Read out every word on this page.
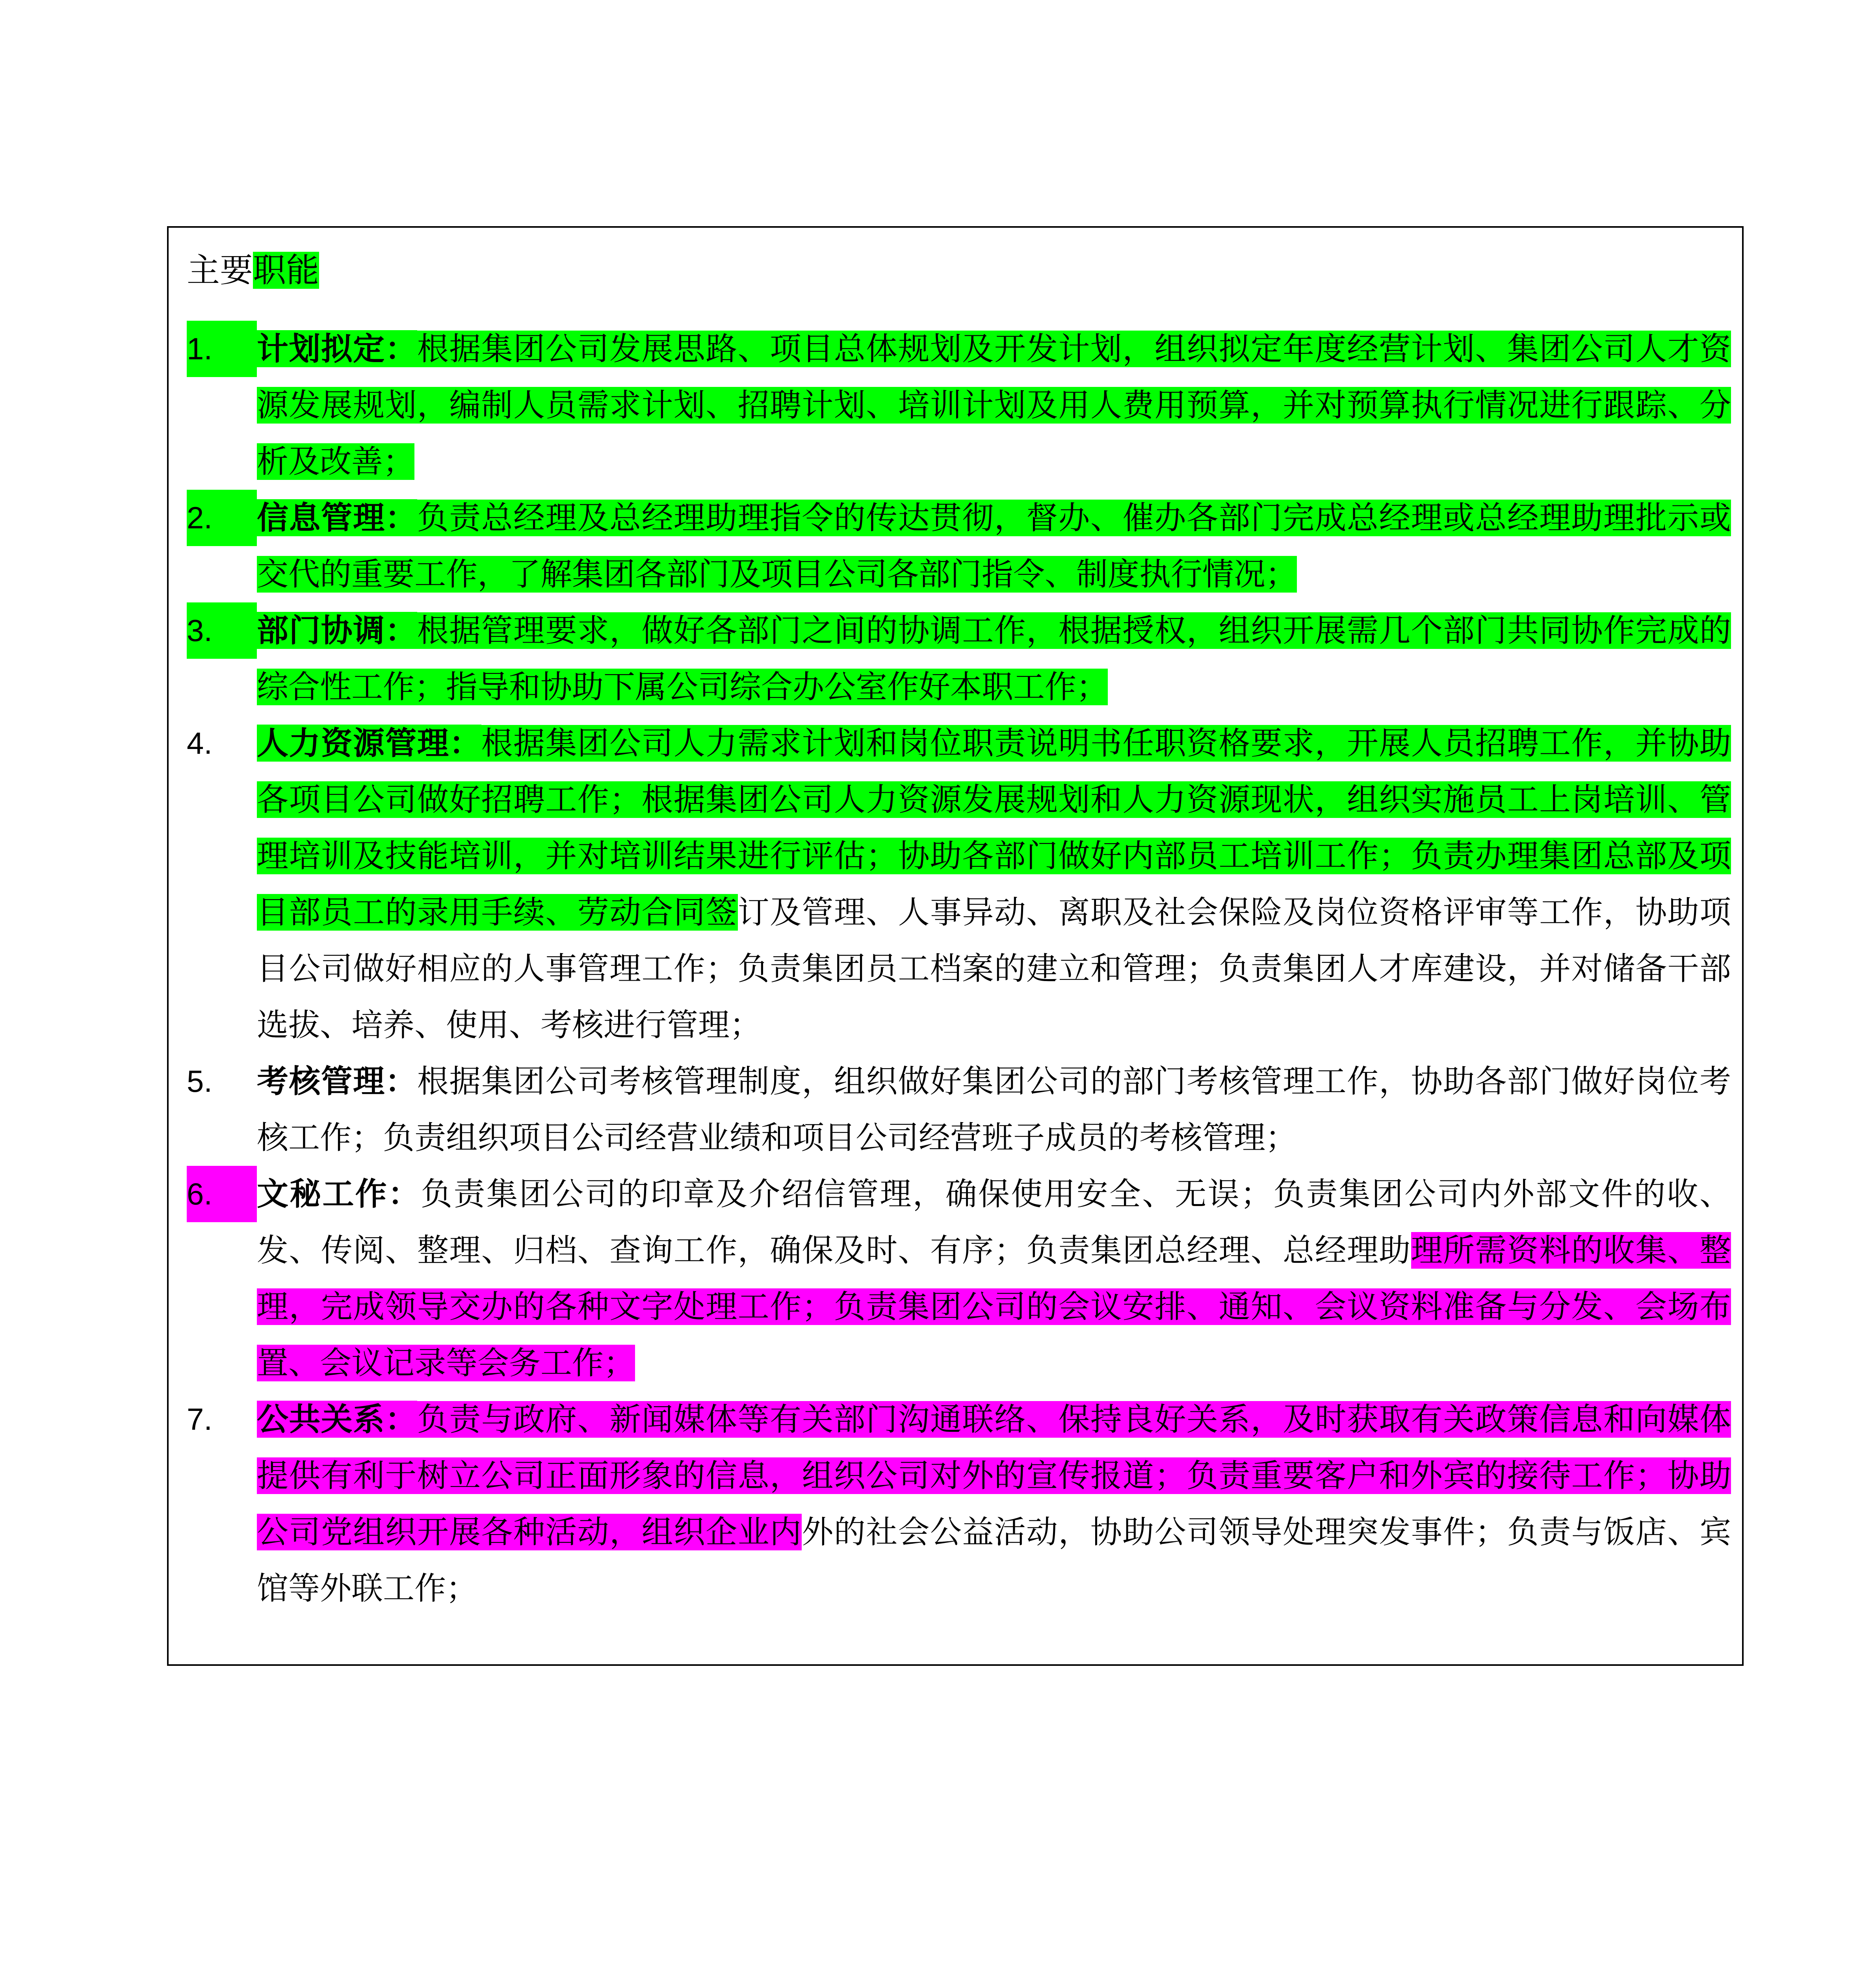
主要职能
1.	计划拟定：根据集团公司发展思路、项目总体规划及开发计划，组织拟定年度经营计划、集团公司人才资源发展规划，编制人员需求计划、招聘计划、培训计划及用人费用预算，并对预算执行情况进行跟踪、分析及改善；
2.	信息管理：负责总经理及总经理助理指令的传达贯彻，督办、催办各部门完成总经理或总经理助理批示或交代的重要工作，了解集团各部门及项目公司各部门指令、制度执行情况；
3.	部门协调：根据管理要求，做好各部门之间的协调工作，根据授权，组织开展需几个部门共同协作完成的综合性工作；指导和协助下属公司综合办公室作好本职工作；
4.	人力资源管理：根据集团公司人力需求计划和岗位职责说明书任职资格要求，开展人员招聘工作，并协助各项目公司做好招聘工作；根据集团公司人力资源发展规划和人力资源现状，组织实施员工上岗培训、管理培训及技能培训，并对培训结果进行评估；协助各部门做好内部员工培训工作；负责办理集团总部及项目部员工的录用手续、劳动合同签订及管理、人事异动、离职及社会保险及岗位资格评审等工作，协助项目公司做好相应的人事管理工作；负责集团员工档案的建立和管理；负责集团人才库建设，并对储备干部选拔、培养、使用、考核进行管理；
5.	考核管理：根据集团公司考核管理制度，组织做好集团公司的部门考核管理工作，协助各部门做好岗位考核工作；负责组织项目公司经营业绩和项目公司经营班子成员的考核管理；
6.	文秘工作：负责集团公司的印章及介绍信管理，确保使用安全、无误；负责集团公司内外部文件的收、发、传阅、整理、归档、查询工作，确保及时、有序；负责集团总经理、总经理助理所需资料的收集、整理，完成领导交办的各种文字处理工作；负责集团公司的会议安排、通知、会议资料准备与分发、会场布置、会议记录等会务工作；
7.	公共关系：负责与政府、新闻媒体等有关部门沟通联络、保持良好关系，及时获取有关政策信息和向媒体提供有利于树立公司正面形象的信息，组织公司对外的宣传报道；负责重要客户和外宾的接待工作；协助公司党组织开展各种活动，组织企业内外的社会公益活动，协助公司领导处理突发事件；负责与饭店、宾馆等外联工作；
